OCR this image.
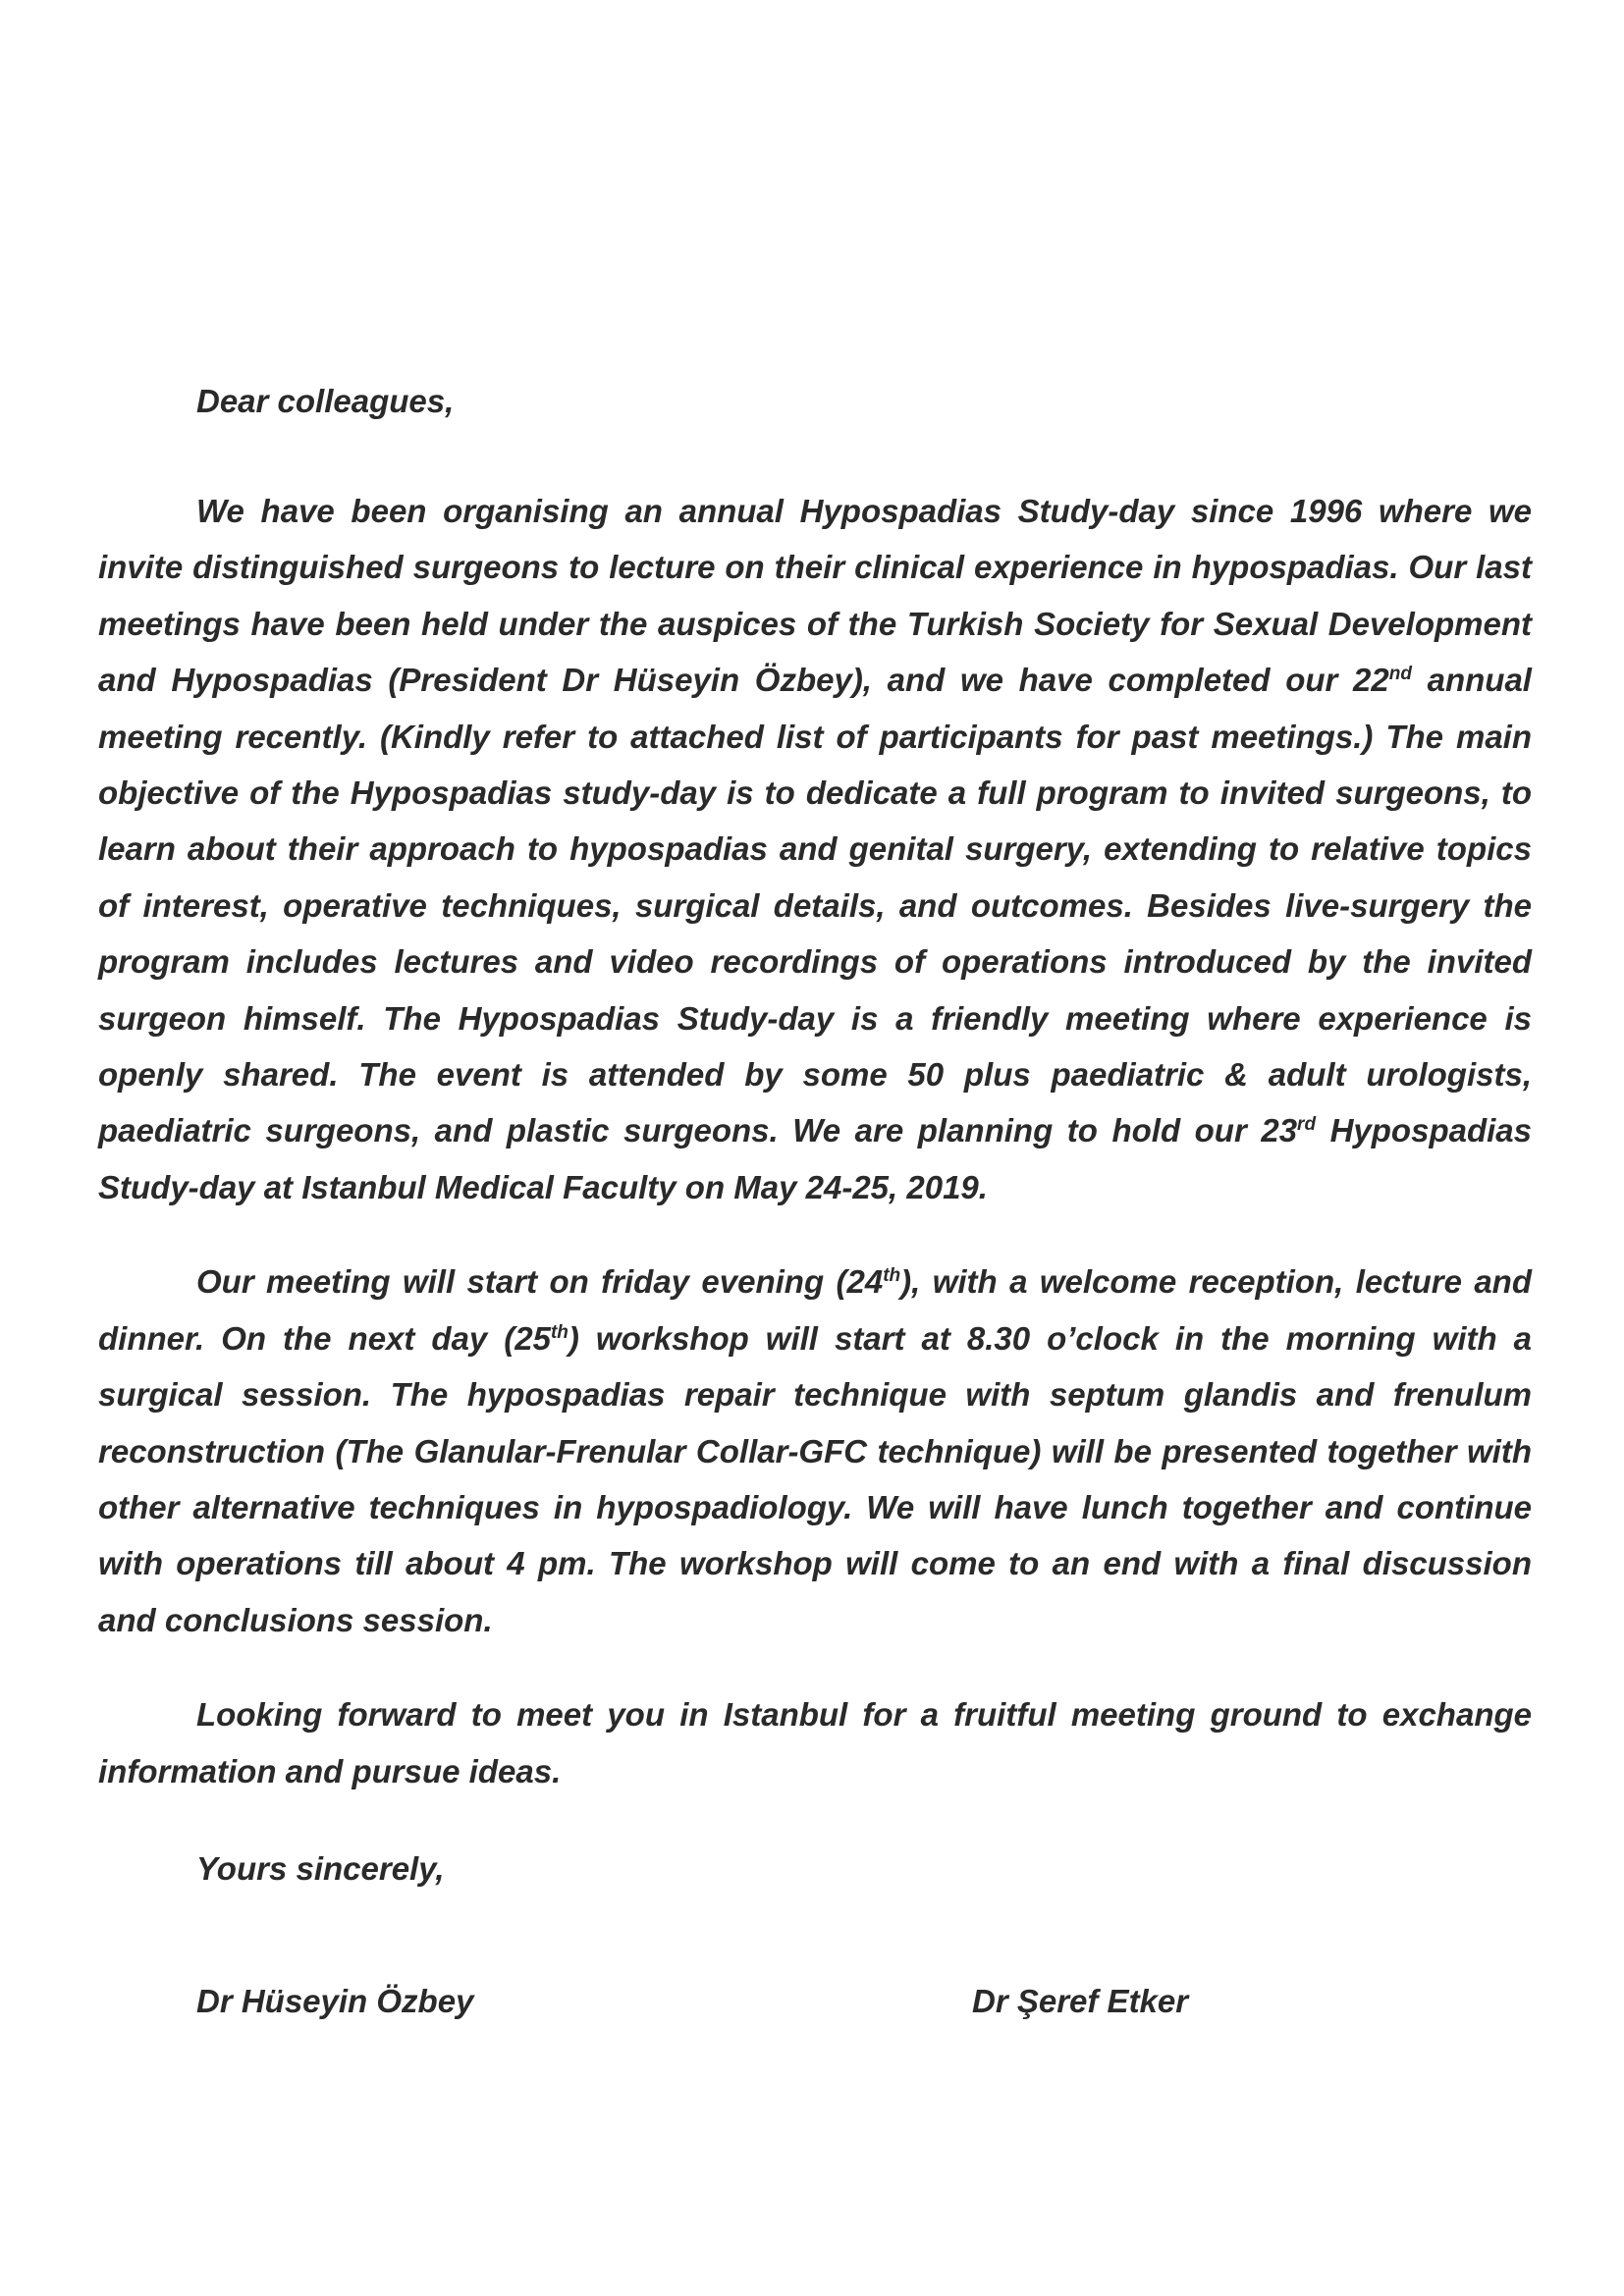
Dear colleagues,

We have been organising an annual Hypospadias Study-day since 1996 where we invite distinguished surgeons to lecture on their clinical experience in hypospadias. Our last meetings have been held under the auspices of the Turkish Society for Sexual Development and Hypospadias (President Dr Hüseyin Özbey), and we have completed our 22nd annual meeting recently. (Kindly refer to attached list of participants for past meetings.) The main objective of the Hypospadias study-day is to dedicate a full program to invited surgeons, to learn about their approach to hypospadias and genital surgery, extending to relative topics of interest, operative techniques, surgical details, and outcomes. Besides live-surgery the program includes lectures and video recordings of operations introduced by the invited surgeon himself. The Hypospadias Study-day is a friendly meeting where experience is openly shared. The event is attended by some 50 plus paediatric & adult urologists, paediatric surgeons, and plastic surgeons. We are planning to hold our 23rd Hypospadias Study-day at Istanbul Medical Faculty on May 24-25, 2019.

Our meeting will start on friday evening (24th), with a welcome reception, lecture and dinner. On the next day (25th) workshop will start at 8.30 o’clock in the morning with a surgical session. The hypospadias repair technique with septum glandis and frenulum reconstruction (The Glanular-Frenular Collar-GFC technique) will be presented together with other alternative techniques in hypospadiology. We will have lunch together and continue with operations till about 4 pm. The workshop will come to an end with a final discussion and conclusions session.

Looking forward to meet you in Istanbul for a fruitful meeting ground to exchange information and pursue ideas.

Yours sincerely,
Dr Hüseyin Özbey	Dr Şeref Etker
